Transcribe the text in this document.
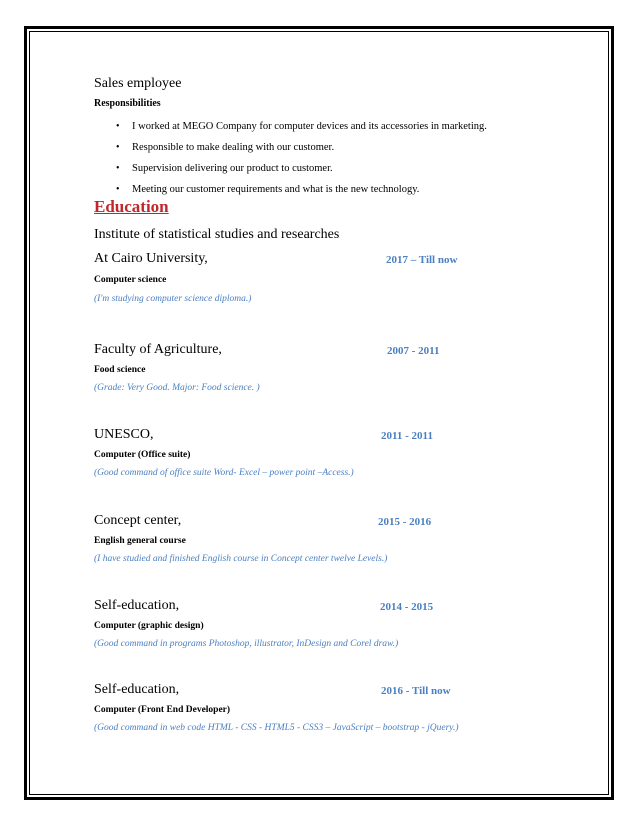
Sales employee
Responsibilities
• I worked at MEGO Company for computer devices and its accessories in marketing.
• Responsible to make dealing with our customer.
• Supervision delivering our product to customer.
• Meeting our customer requirements and what is the new technology.
Education
Institute of statistical studies and researches
At Cairo University,	2017 – Till now
Computer science
(I'm studying computer science diploma.)
Faculty of Agriculture,	2007 - 2011
Food science
(Grade: Very Good. Major: Food science. )
UNESCO,	2011 - 2011
Computer (Office suite)
(Good command of office suite Word- Excel – power point –Access.)
Concept center,	2015 - 2016
English general course
(I have studied and finished English course in Concept center twelve Levels.)
Self-education,	2014 - 2015
Computer (graphic design)
(Good command in programs Photoshop, illustrator, InDesign and Corel draw.)
Self-education,	2016 - Till now
Computer (Front End Developer)
(Good command in web code HTML - CSS - HTML5 - CSS3 – JavaScript – bootstrap - jQuery.)
